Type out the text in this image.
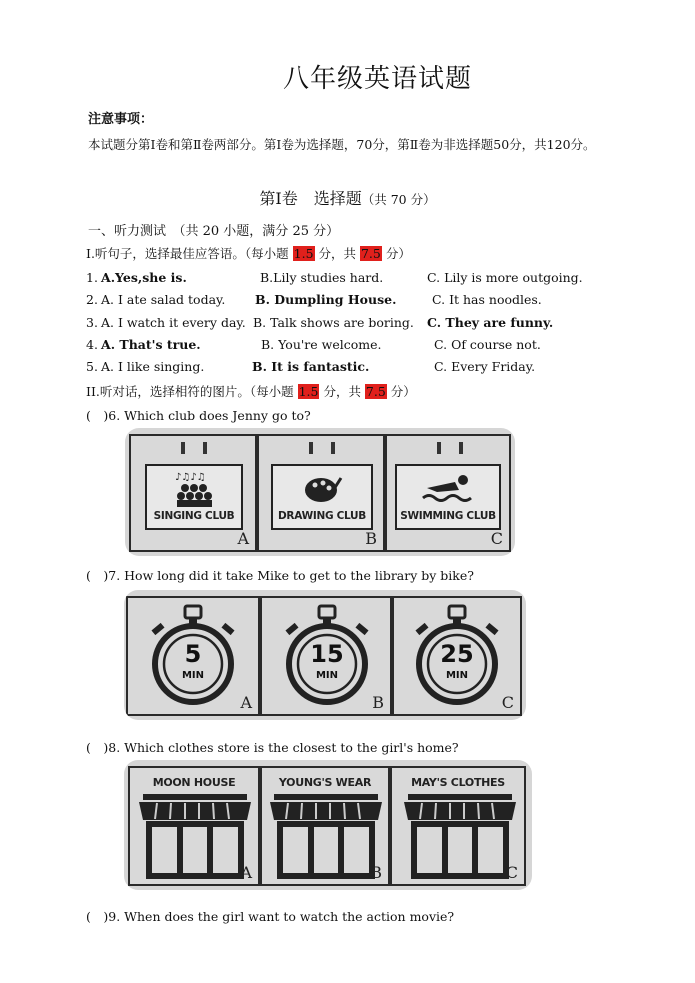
八年级英语试题
注意事项：
本试题分第Ⅰ卷和第Ⅱ卷两部分。第Ⅰ卷为选择题，70分，第Ⅱ卷为非选择题50分，共120分。
第Ⅰ卷　选择题（共 70 分）
一、听力测试　（共 20 小题，满分 25 分）
I.听句子，选择最佳应答语。（每小题 1.5 分，共 7.5 分）
1. A.Yes,she is.	B.Lily studies hard.	C. Lily is more outgoing.
2. A. I ate salad today. B. Dumpling House.	C. It has noodles.
3. A. I watch it every day. B. Talk shows are boring. C. They are funny.
4. A. That's true.	B. You're welcome.	C. Of course not.
5. A. I like singing.	B. It is fantastic.	C. Every Friday.
II.听对话，选择相符的图片。（每小题 1.5 分，共 7.5 分）
(　)6. Which club does Jenny go to?
♪♫♪♫
SINGING CLUB
A
DRAWING CLUB
B
SWIMMING CLUB
C
(　)7. How long did it take Mike to get to the library by bike?
5
MIN
A
15
MIN
B
25
MIN
C
(　)8. Which clothes store is the closest to the girl's home?
MOON HOUSE
A
YOUNG'S WEAR
B
MAY'S CLOTHES
C
(　)9. When does the girl want to watch the action movie?
